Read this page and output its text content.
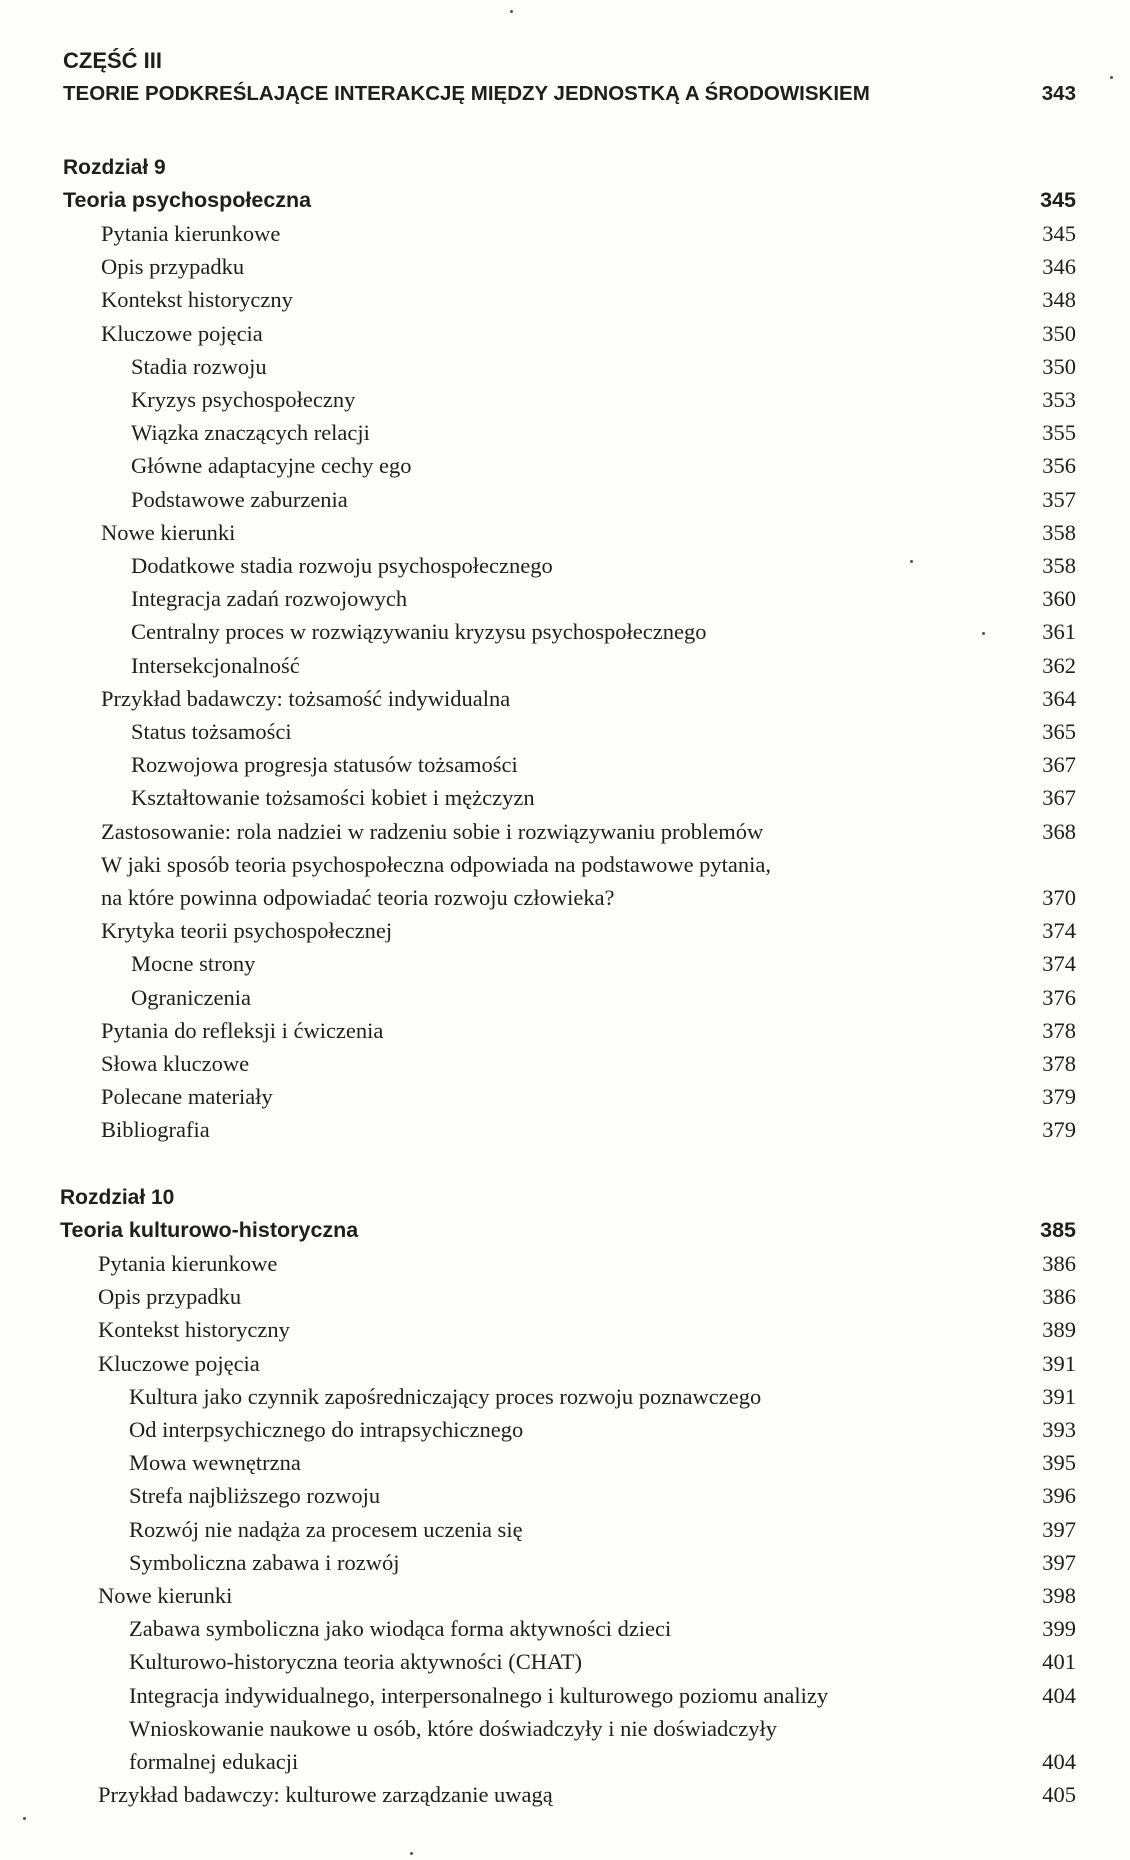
CZĘŚĆ III
TEORIE PODKREŚLAJĄCE INTERAKCJĘ MIĘDZY JEDNOSTKĄ A ŚRODOWISKIEM	343
Rozdział 9
Teoria psychospołeczna	345
Pytania kierunkowe	345
Opis przypadku	346
Kontekst historyczny	348
Kluczowe pojęcia	350
Stadia rozwoju	350
Kryzys psychospołeczny	353
Wiązka znaczących relacji	355
Główne adaptacyjne cechy ego	356
Podstawowe zaburzenia	357
Nowe kierunki	358
Dodatkowe stadia rozwoju psychospołecznego	358
Integracja zadań rozwojowych	360
Centralny proces w rozwiązywaniu kryzysu psychospołecznego	361
Intersekcjonalność	362
Przykład badawczy: tożsamość indywidualna	364
Status tożsamości	365
Rozwojowa progresja statusów tożsamości	367
Kształtowanie tożsamości kobiet i mężczyzn	367
Zastosowanie: rola nadziei w radzeniu sobie i rozwiązywaniu problemów	368
W jaki sposób teoria psychospołeczna odpowiada na podstawowe pytania,
na które powinna odpowiadać teoria rozwoju człowieka?	370
Krytyka teorii psychospołecznej	374
Mocne strony	374
Ograniczenia	376
Pytania do refleksji i ćwiczenia	378
Słowa kluczowe	378
Polecane materiały	379
Bibliografia	379
Rozdział 10
Teoria kulturowo-historyczna	385
Pytania kierunkowe	386
Opis przypadku	386
Kontekst historyczny	389
Kluczowe pojęcia	391
Kultura jako czynnik zapośredniczający proces rozwoju poznawczego	391
Od interpsychicznego do intrapsychicznego	393
Mowa wewnętrzna	395
Strefa najbliższego rozwoju	396
Rozwój nie nadąża za procesem uczenia się	397
Symboliczna zabawa i rozwój	397
Nowe kierunki	398
Zabawa symboliczna jako wiodąca forma aktywności dzieci	399
Kulturowo-historyczna teoria aktywności (CHAT)	401
Integracja indywidualnego, interpersonalnego i kulturowego poziomu analizy	404
Wnioskowanie naukowe u osób, które doświadczyły i nie doświadczyły
formalnej edukacji	404
Przykład badawczy: kulturowe zarządzanie uwagą	405
